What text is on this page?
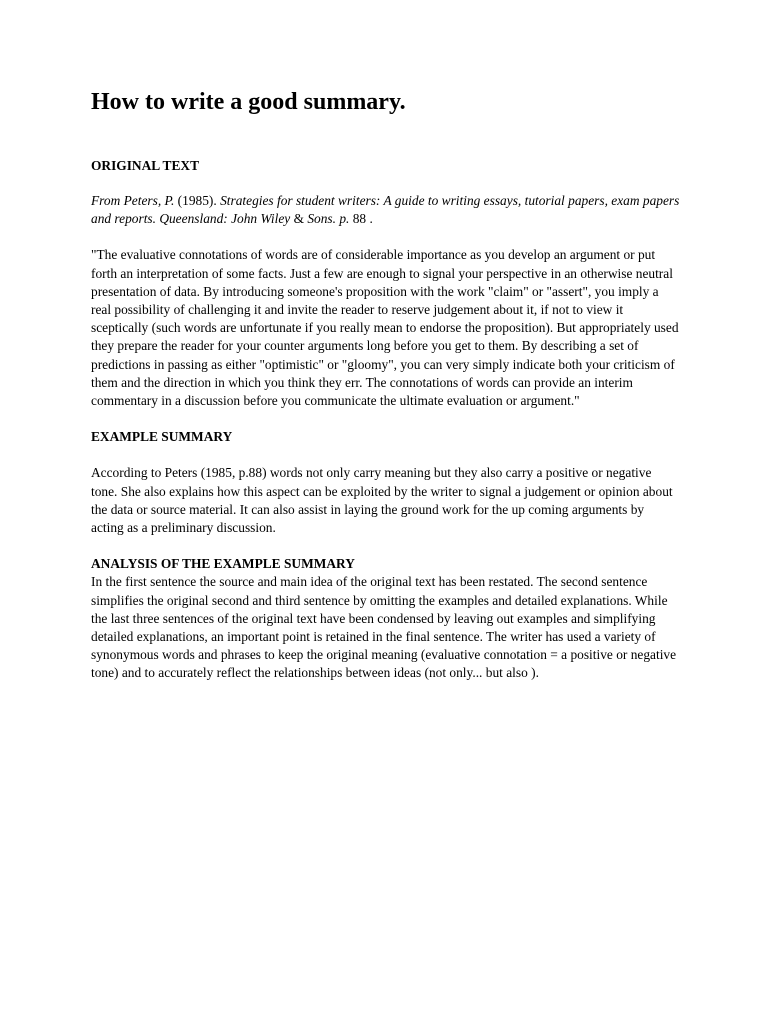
How to write a good summary.

ORIGINAL TEXT

From Peters, P. (1985). Strategies for student writers: A guide to writing essays, tutorial papers, exam papers and reports. Queensland: John Wiley & Sons. p. 88 .

"The evaluative connotations of words are of considerable importance as you develop an argument or put forth an interpretation of some facts. Just a few are enough to signal your perspective in an otherwise neutral presentation of data. By introducing someone's proposition with the work "claim" or "assert", you imply a real possibility of challenging it and invite the reader to reserve judgement about it, if not to view it sceptically (such words are unfortunate if you really mean to endorse the proposition). But appropriately used they prepare the reader for your counter arguments long before you get to them. By describing a set of predictions in passing as either "optimistic" or "gloomy", you can very simply indicate both your criticism of them and the direction in which you think they err. The connotations of words can provide an interim commentary in a discussion before you communicate the ultimate evaluation or argument."

EXAMPLE SUMMARY

According to Peters (1985, p.88) words not only carry meaning but they also carry a positive or negative tone. She also explains how this aspect can be exploited by the writer to signal a judgement or opinion about the data or source material. It can also assist in laying the ground work for the up coming arguments by acting as a preliminary discussion.

ANALYSIS OF THE EXAMPLE SUMMARY

In the first sentence the source and main idea of the original text has been restated. The second sentence simplifies the original second and third sentence by omitting the examples and detailed explanations. While the last three sentences of the original text have been condensed by leaving out examples and simplifying detailed explanations, an important point is retained in the final sentence. The writer has used a variety of synonymous words and phrases to keep the original meaning (evaluative connotation = a positive or negative tone) and to accurately reflect the relationships between ideas (not only... but also ).
